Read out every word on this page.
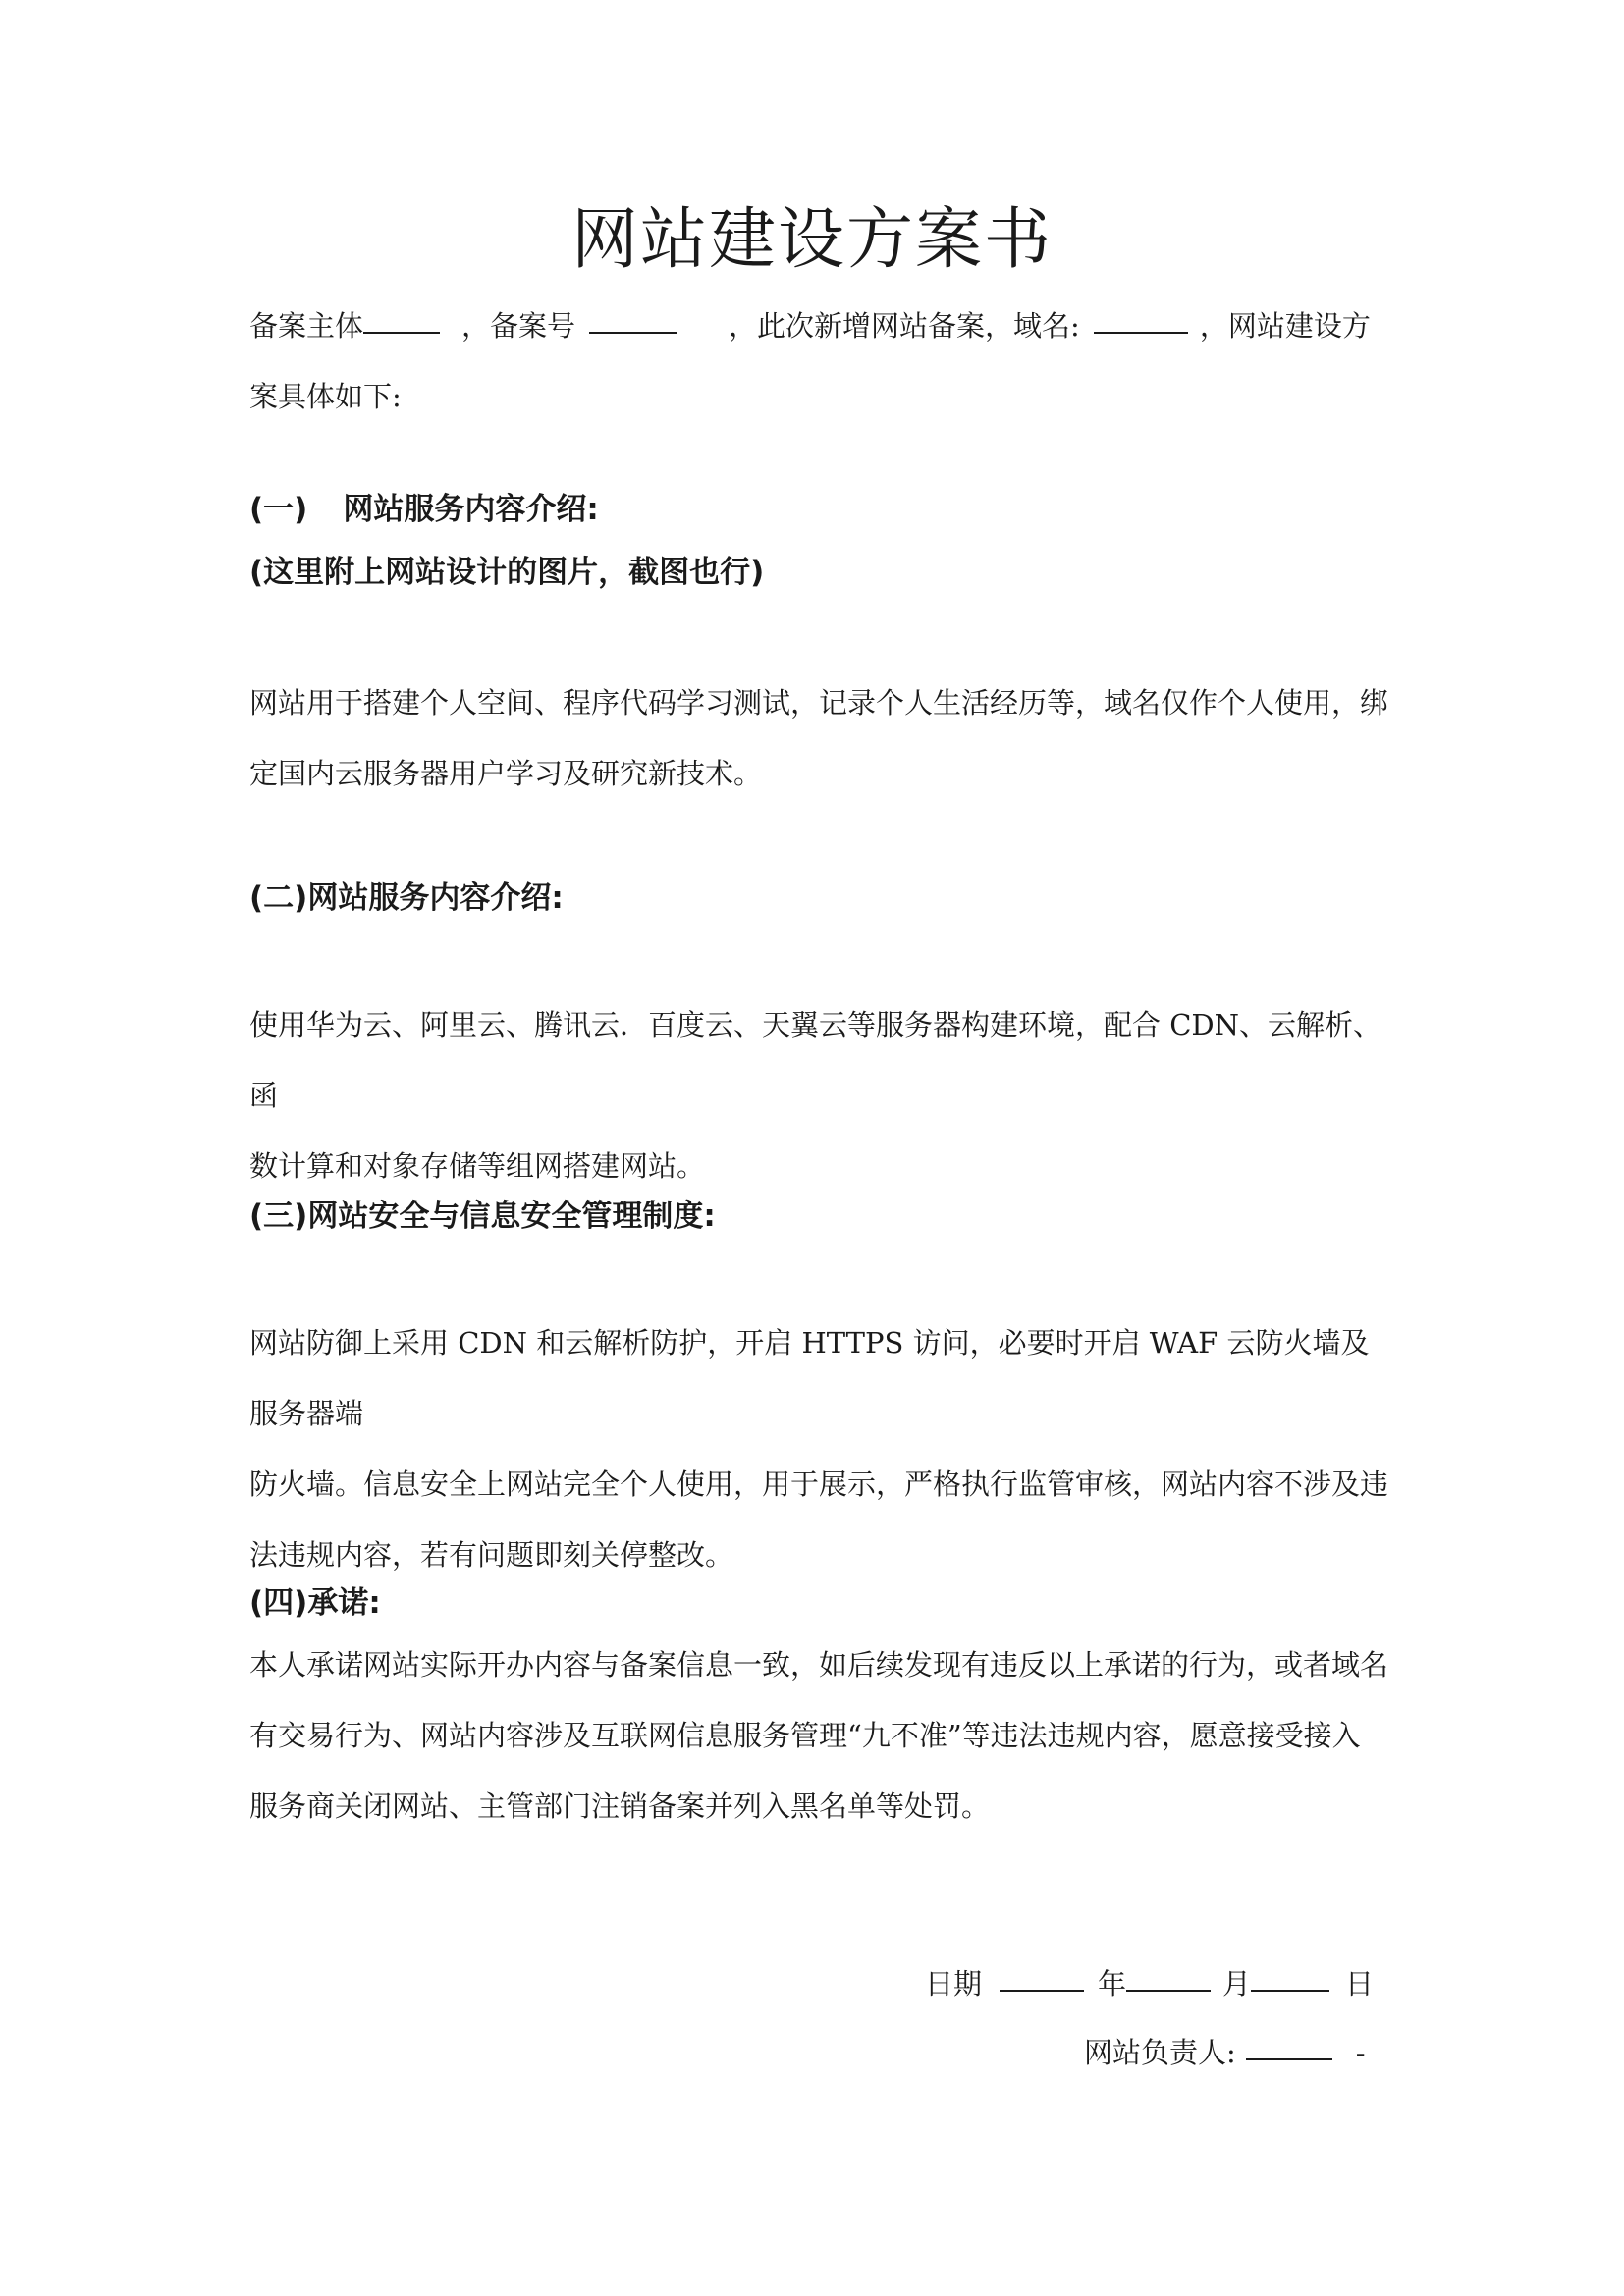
网站建设方案书
备案主体	，备案号	，此次新增网站备案，域名:	，网站建设方
案具体如下:
(一) 网站服务内容介绍:
(这里附上网站设计的图片，截图也行)
网站用于搭建个人空间、程序代码学习测试，记录个人生活经历等，域名仅作个人使用，绑
定国内云服务器用户学习及研究新技术。
(二)网站服务内容介绍:
使用华为云、阿里云、腾讯云．百度云、天翼云等服务器构建环境，配合 CDN、云解析、函
数计算和对象存储等组网搭建网站。
(三)网站安全与信息安全管理制度:
网站防御上采用 CDN 和云解析防护，开启 HTTPS 访问，必要时开启 WAF 云防火墙及服务器端
防火墙。信息安全上网站完全个人使用，用于展示，严格执行监管审核，网站内容不涉及违
法违规内容，若有问题即刻关停整改。
(四)承诺:
本人承诺网站实际开办内容与备案信息一致，如后续发现有违反以上承诺的行为，或者域名
有交易行为、网站内容涉及互联网信息服务管理“九不准”等违法违规内容，愿意接受接入
服务商关闭网站、主管部门注销备案并列入黑名单等处罚。
日期	年	月	日
网站负责人:	-
